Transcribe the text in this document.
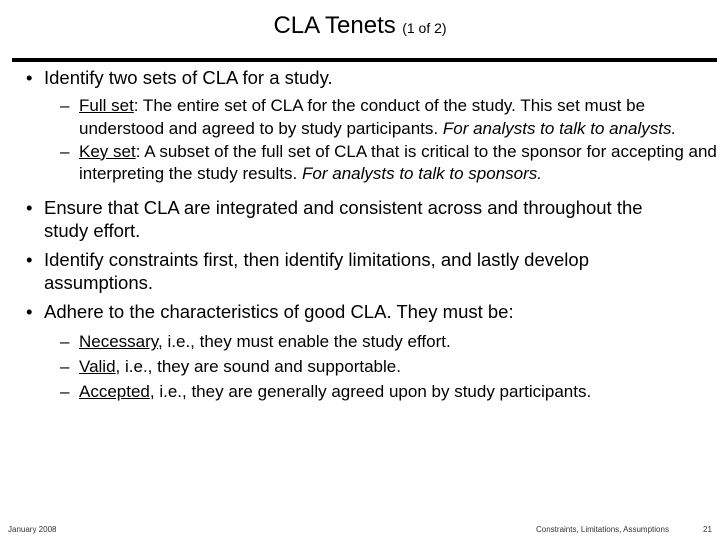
CLA Tenets (1 of 2)
• Identify two sets of CLA for a study.
– Full set: The entire set of CLA for the conduct of the study. This set must be understood and agreed to by study participants. For analysts to talk to analysts.
– Key set: A subset of the full set of CLA that is critical to the sponsor for accepting and interpreting the study results. For analysts to talk to sponsors.
• Ensure that CLA are integrated and consistent across and throughout the study effort.
• Identify constraints first, then identify limitations, and lastly develop assumptions.
• Adhere to the characteristics of good CLA. They must be:
– Necessary, i.e., they must enable the study effort.
– Valid, i.e., they are sound and supportable.
– Accepted, i.e., they are generally agreed upon by study participants.
January 2008	Constraints, Limitations, Assumptions	21
